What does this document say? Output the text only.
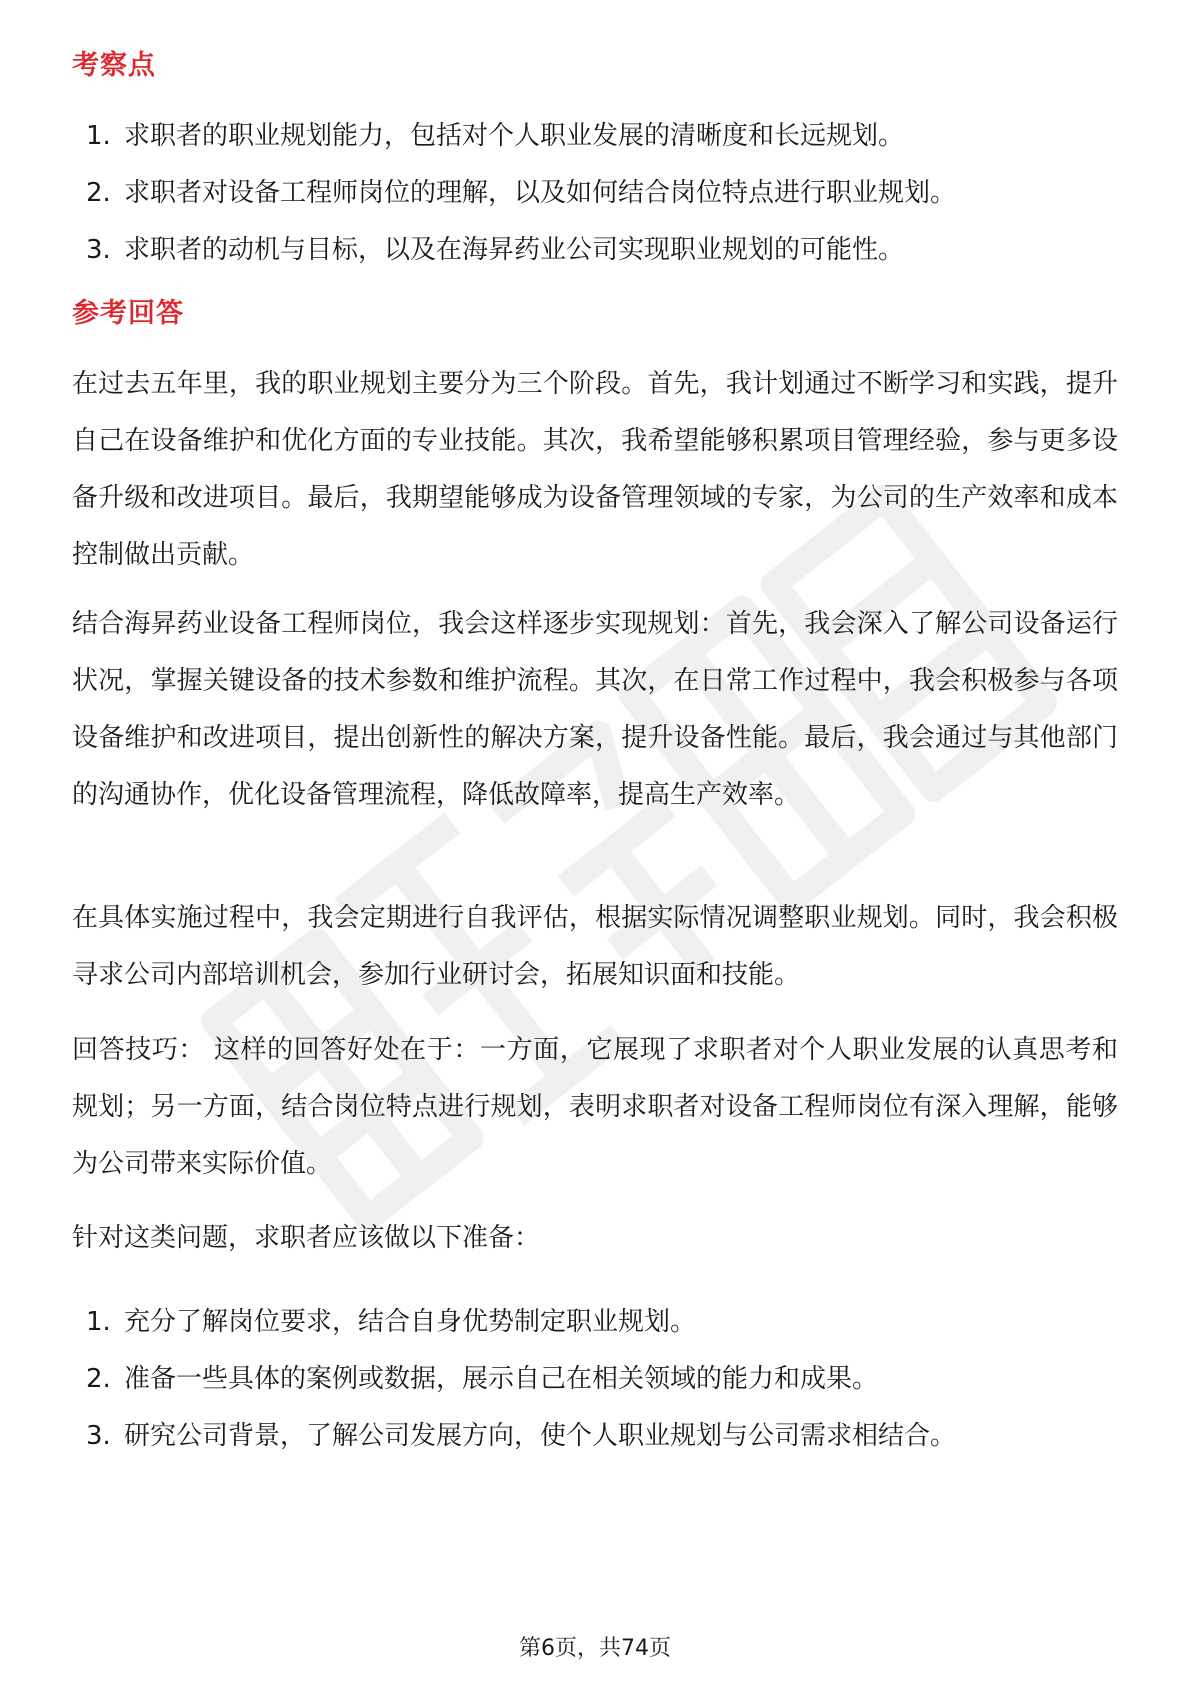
考察点
1. 求职者的职业规划能力，包括对个人职业发展的清晰度和长远规划。
2. 求职者对设备工程师岗位的理解，以及如何结合岗位特点进行职业规划。
3. 求职者的动机与目标，以及在海昇药业公司实现职业规划的可能性。
参考回答

在过去五年里，我的职业规划主要分为三个阶段。首先，我计划通过不断学习和实践，提升自己在设备维护和优化方面的专业技能。其次，我希望能够积累项目管理经验，参与更多设备升级和改进项目。最后，我期望能够成为设备管理领域的专家，为公司的生产效率和成本控制做出贡献。

结合海昇药业设备工程师岗位，我会这样逐步实现规划：首先，我会深入了解公司设备运行状况，掌握关键设备的技术参数和维护流程。其次，在日常工作过程中，我会积极参与各项设备维护和改进项目，提出创新性的解决方案，提升设备性能。最后，我会通过与其他部门的沟通协作，优化设备管理流程，降低故障率，提高生产效率。

在具体实施过程中，我会定期进行自我评估，根据实际情况调整职业规划。同时，我会积极寻求公司内部培训机会，参加行业研讨会，拓展知识面和技能。

回答技巧： 这样的回答好处在于：一方面，它展现了求职者对个人职业发展的认真思考和规划；另一方面，结合岗位特点进行规划，表明求职者对设备工程师岗位有深入理解，能够为公司带来实际价值。

针对这类问题，求职者应该做以下准备：

1. 充分了解岗位要求，结合自身优势制定职业规划。
2. 准备一些具体的案例或数据，展示自己在相关领域的能力和成果。
3. 研究公司背景，了解公司发展方向，使个人职业规划与公司需求相结合。
第6页，共74页
